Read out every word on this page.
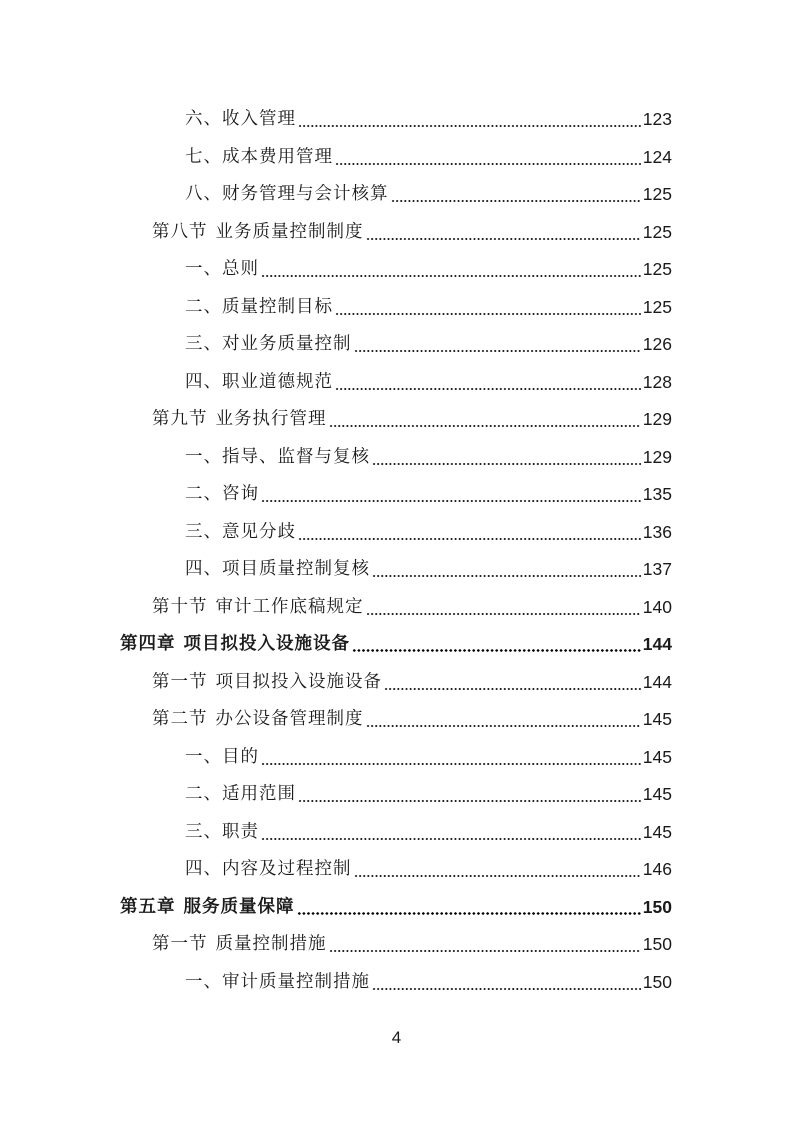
六、收入管理	123
七、成本费用管理	124
八、财务管理与会计核算	125
第八节 业务质量控制制度	125
一、总则	125
二、质量控制目标	125
三、对业务质量控制	126
四、职业道德规范	128
第九节 业务执行管理	129
一、指导、监督与复核	129
二、咨询	135
三、意见分歧	136
四、项目质量控制复核	137
第十节 审计工作底稿规定	140
第四章 项目拟投入设施设备	144
第一节 项目拟投入设施设备	144
第二节 办公设备管理制度	145
一、目的	145
二、适用范围	145
三、职责	145
四、内容及过程控制	146
第五章 服务质量保障	150
第一节 质量控制措施	150
一、审计质量控制措施	150
4
